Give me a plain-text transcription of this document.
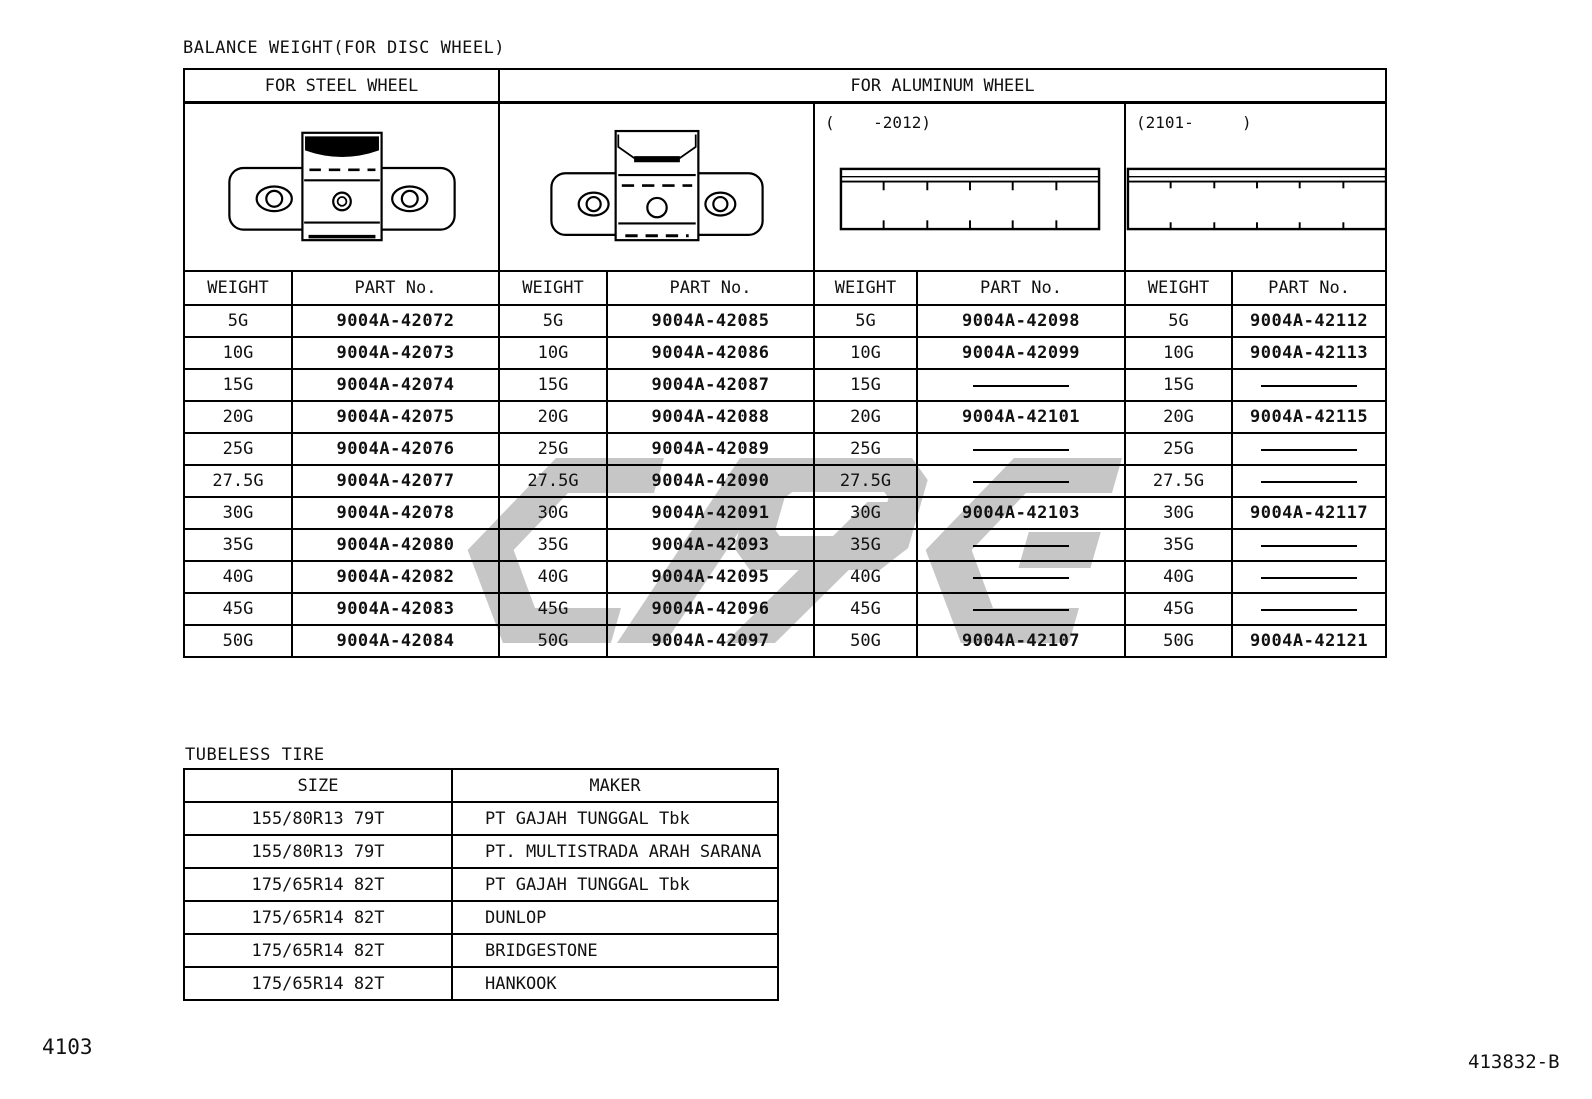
BALANCE WEIGHT(FOR DISC WHEEL)
FOR STEEL WHEEL		FOR ALUMINUM WHEEL					

(    -2012)		(2101-     )	

WEIGHT	PART No.	WEIGHT	PART No.	WEIGHT	PART No.	WEIGHT	PART No.
5G	9004A-42072	5G	9004A-42085	5G	9004A-42098	5G	9004A-42112
10G	9004A-42073	10G	9004A-42086	10G	9004A-42099	10G	9004A-42113
15G	9004A-42074	15G	9004A-42087	15G		15G	

20G	9004A-42075	20G	9004A-42088	20G	9004A-42101	20G	9004A-42115
25G	9004A-42076	25G	9004A-42089	25G		25G	

27.5G	9004A-42077	27.5G	9004A-42090	27.5G		27.5G	

30G	9004A-42078	30G	9004A-42091	30G	9004A-42103	30G	9004A-42117
35G	9004A-42080	35G	9004A-42093	35G		35G	

40G	9004A-42082	40G	9004A-42095	40G		40G	

45G	9004A-42083	45G	9004A-42096	45G		45G	

50G	9004A-42084	50G	9004A-42097	50G	9004A-42107	50G	9004A-42121
TUBELESS TIRE
SIZE	MAKER
155/80R13 79T	PT GAJAH TUNGGAL Tbk
155/80R13 79T	PT. MULTISTRADA ARAH SARANA
175/65R14 82T	PT GAJAH TUNGGAL Tbk
175/65R14 82T	DUNLOP
175/65R14 82T	BRIDGESTONE
175/65R14 82T	HANKOOK
4103
413832-B
